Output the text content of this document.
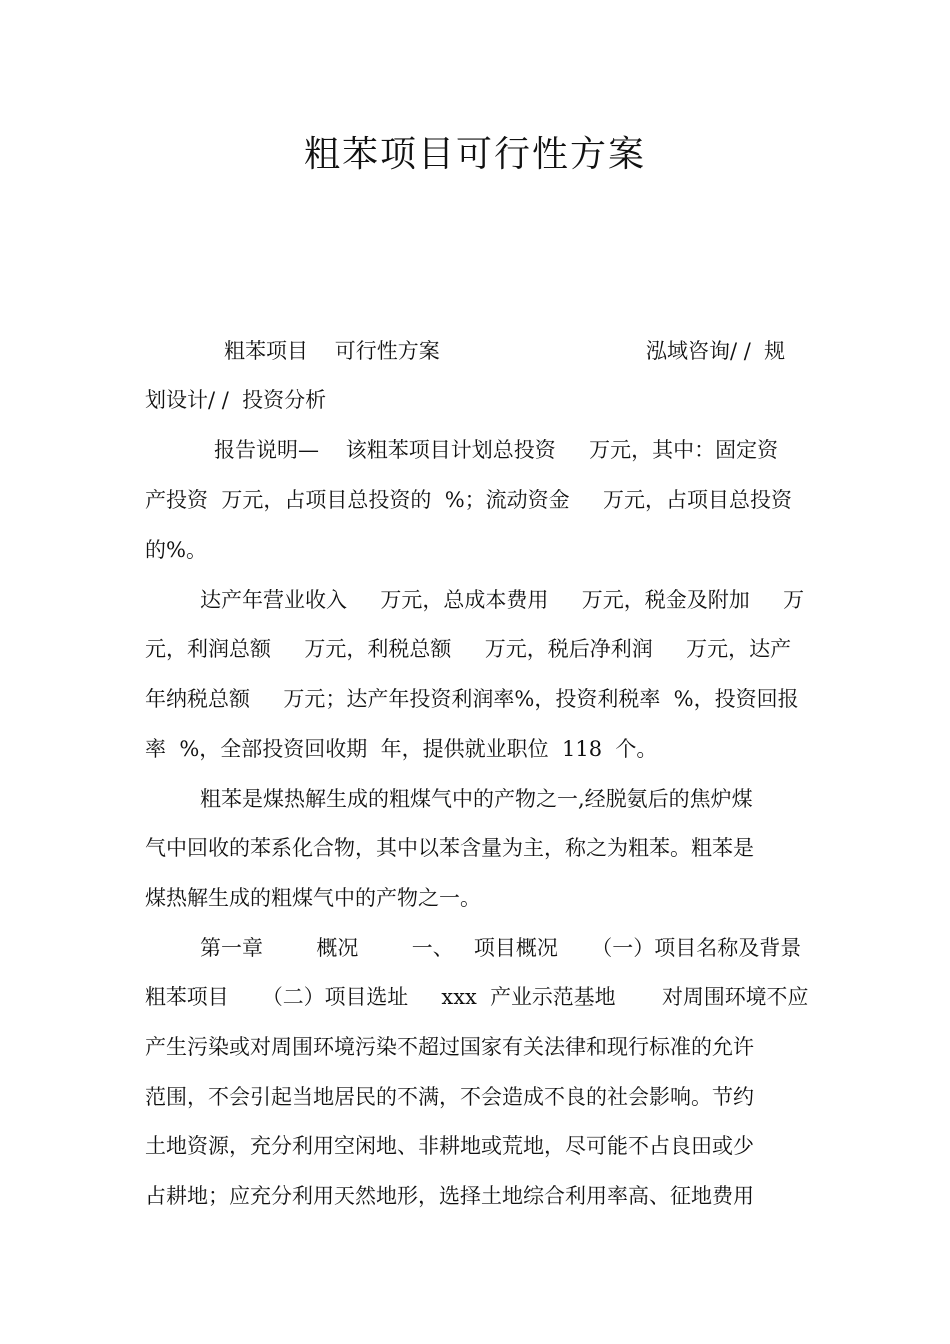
粗苯项目可行性方案
粗苯项目    可行性方案	泓域咨询/ /  规
划设计/ /  投资分析
报告说明—    该粗苯项目计划总投资     万元，其中：固定资
产投资  万元，占项目总投资的  %；流动资金     万元，占项目总投资
的%。
达产年营业收入     万元，总成本费用     万元，税金及附加     万
元，利润总额     万元，利税总额     万元，税后净利润     万元，达产
年纳税总额     万元；达产年投资利润率%，投资利税率  %，投资回报
率  %，全部投资回收期  年，提供就业职位  118  个。
粗苯是煤热解生成的粗煤气中的产物之一,经脱氨后的焦炉煤
气中回收的苯系化合物，其中以苯含量为主，称之为粗苯。粗苯是
煤热解生成的粗煤气中的产物之一。
第一章        概况        一、   项目概况     （一）项目名称及背景
粗苯项目     （二）项目选址     xxx  产业示范基地       对周围环境不应
产生污染或对周围环境污染不超过国家有关法律和现行标准的允许
范围，不会引起当地居民的不满，不会造成不良的社会影响。节约
土地资源，充分利用空闲地、非耕地或荒地，尽可能不占良田或少
占耕地；应充分利用天然地形，选择土地综合利用率高、征地费用
